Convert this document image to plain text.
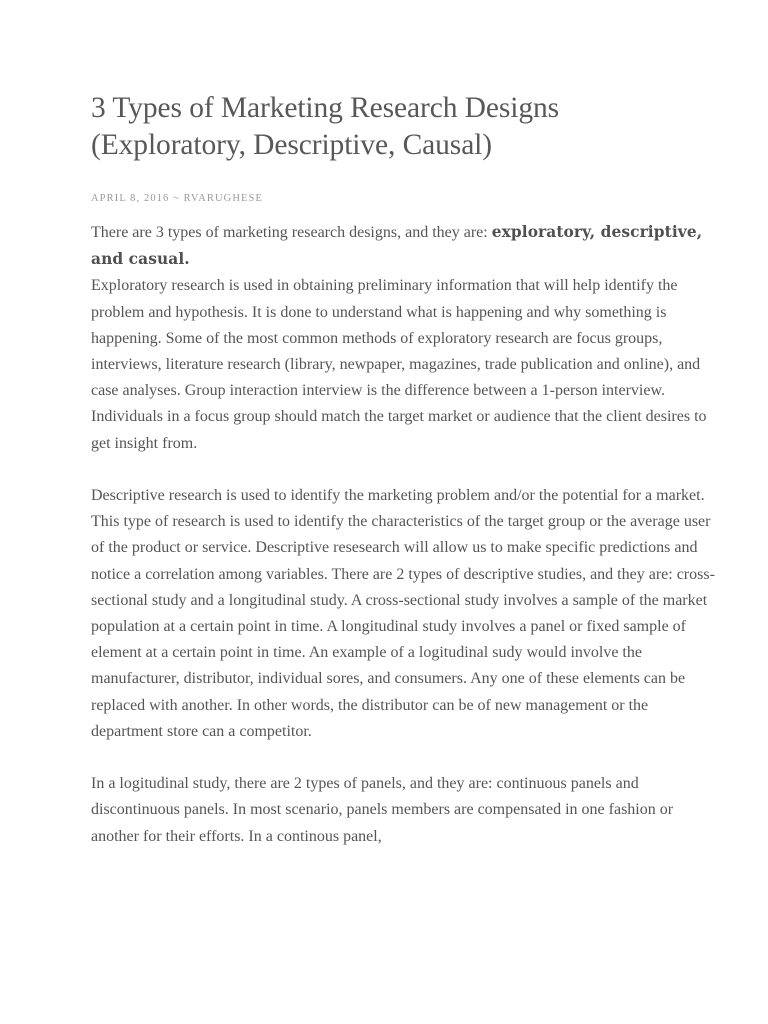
3 Types of Marketing Research Designs (Exploratory, Descriptive, Causal)
APRIL 8, 2016 ~ RVARUGHESE

There are 3 types of marketing research designs, and they are: exploratory, descriptive, and casual.

Exploratory research is used in obtaining preliminary information that will help identify the problem and hypothesis. It is done to understand what is happening and why something is happening. Some of the most common methods of exploratory research are focus groups, interviews, literature research (library, newpaper, magazines, trade publication and online), and case analyses. Group interaction interview is the difference between a 1-person interview. Individuals in a focus group should match the target market or audience that the client desires to get insight from.

Descriptive research is used to identify the marketing problem and/or the potential for a market. This type of research is used to identify the characteristics of the target group or the average user of the product or service. Descriptive resesearch will allow us to make specific predictions and notice a correlation among variables. There are 2 types of descriptive studies, and they are: cross-sectional study and a longitudinal study. A cross-sectional study involves a sample of the market population at a certain point in time. A longitudinal study involves a panel or fixed sample of element at a certain point in time. An example of a logitudinal sudy would involve the manufacturer, distributor, individual sores, and consumers. Any one of these elements can be replaced with another. In other words, the distributor can be of new management or the department store can a competitor.

In a logitudinal study, there are 2 types of panels, and they are: continuous panels and discontinuous panels. In most scenario, panels members are compensated in one fashion or another for their efforts. In a continous panel,
